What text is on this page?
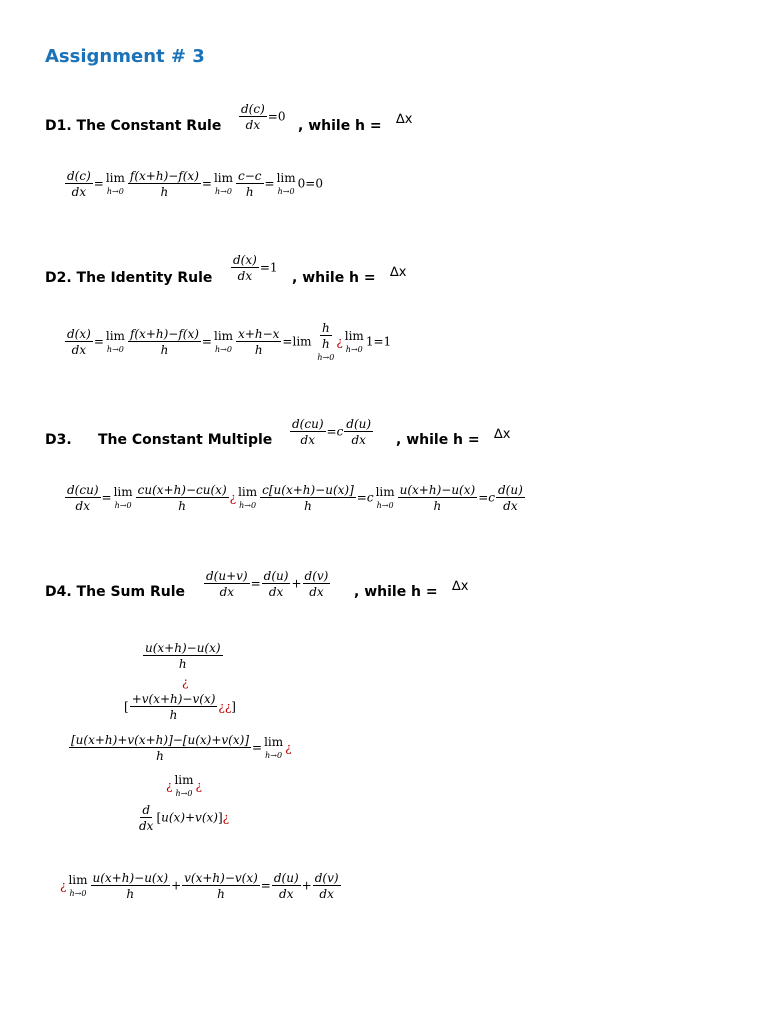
Assignment # 3
D1. The Constant Rule $\frac{d(c)}{dx} =0$
, while h = ∆x
$\frac{d(c)}{dx} = \lim$
$h\to 0 \frac{f(x+h)-f(x)}{h} = \lim$
$h\to 0 \frac{c-c}{h} = \lim$
h→0
0=0
D2. The Identity Rule $\frac{d(x)}{dx} =1$
, while h = ∆x
$\frac{d(x)}{dx} = \lim$
$h\to 0 \frac{f(x+h)-f(x)}{h} = \lim$
$h\to 0 \frac{x+h-x}{h} =\lim \frac{h}{h}$
h→0
¿ lim
h→0
1=1
D3. The Constant Multiple $\frac{d(cu)}{dx} =c \frac{d(u)}{dx}$ , while h = ∆x
$\frac{d(cu)}{dx} = \lim$
$h\to 0 \frac{cu(x+h)-cu(x)}{h}$ ¿ lim
$h\to 0 \frac{c[u(x+h)-u(x)]}{h} =c$ lim
$h\to 0 \frac{u(x+h)-u(x)}{h} =c \frac{d(u)}{dx}$
D4. The Sum Rule $\frac{d(u+v)}{dx} = \frac{d(u)}{dx} + \frac{d(v)}{dx}$ , while h = ∆x
$\frac{u(x+h)-u(x)}{h}$
¿
[ $\frac{+v(x+h)-v(x)}{h}$ ¿¿]
$\frac{[u(x+h)+v(x+h)]-[u(x)+v(x)]}{h} = \lim$
h→0
¿
¿ lim
h→0
¿
$\frac{d}{dx}$ [u(x)+v(x)]¿
¿ lim
$h\to 0 \frac{u(x+h)-u(x)}{h} + \frac{v(x+h)-v(x)}{h} = \frac{d(u)}{dx} + \frac{d(v)}{dx}$
